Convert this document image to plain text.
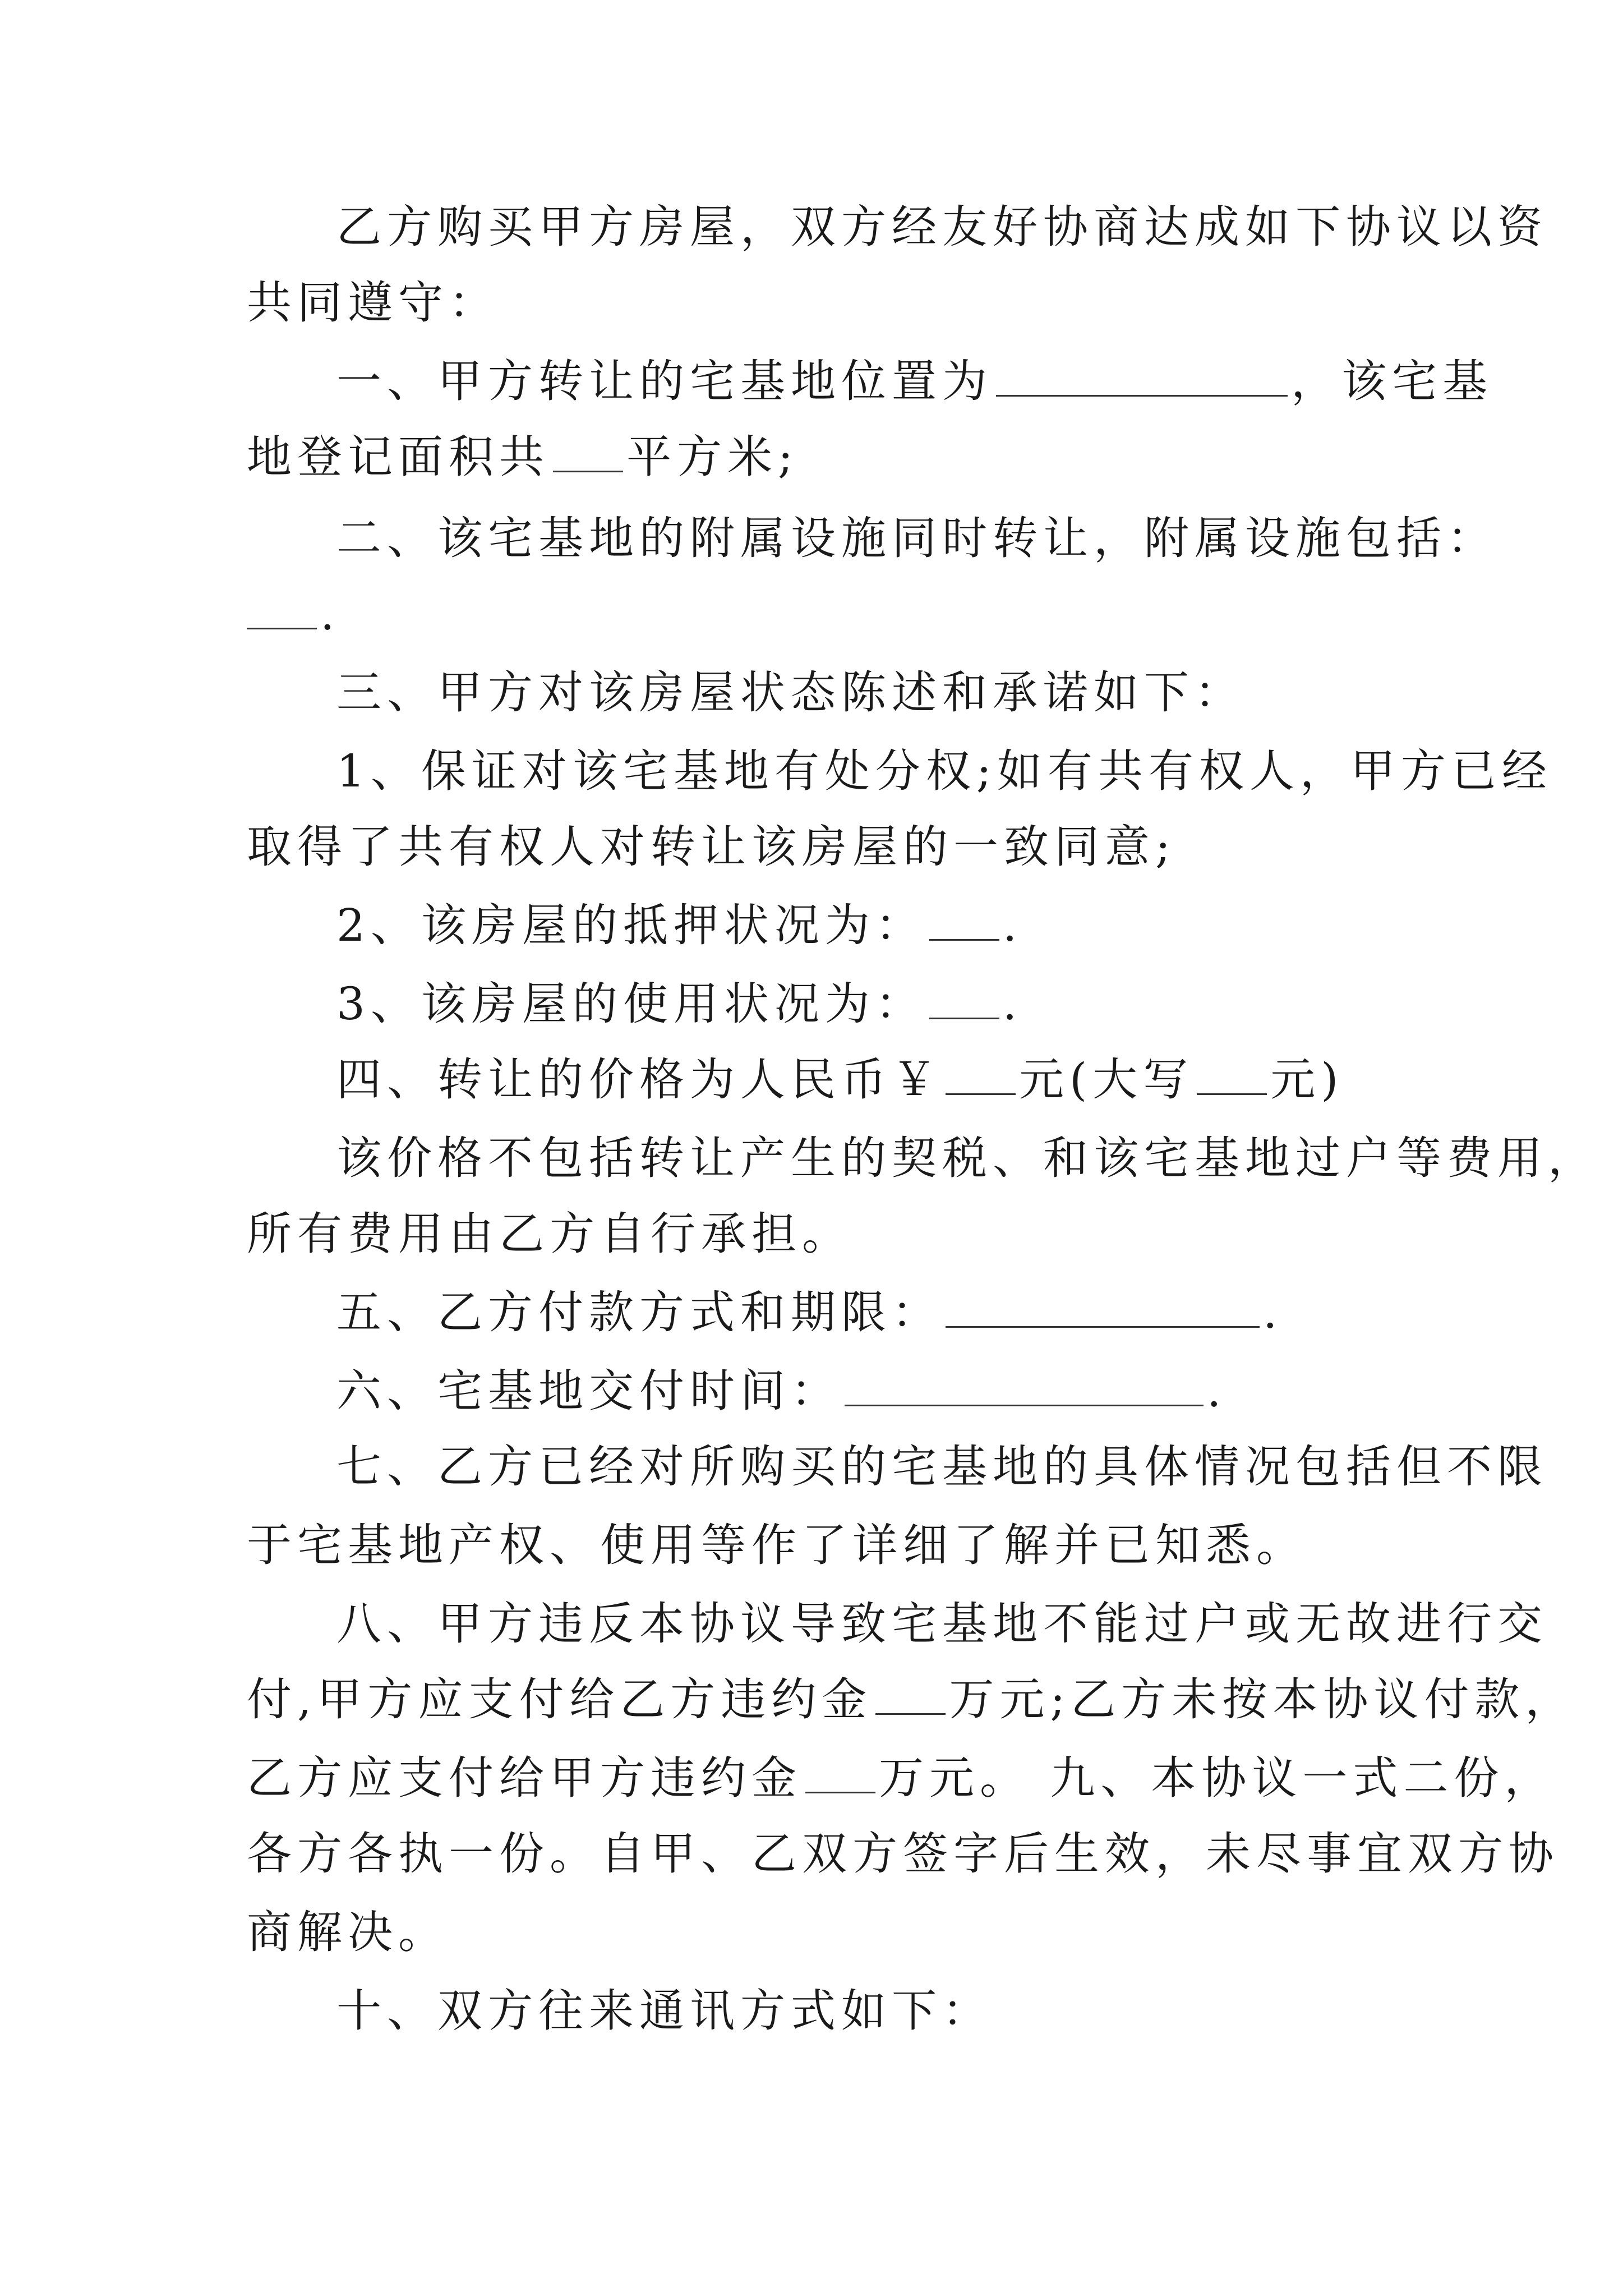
乙方购买甲方房屋，双方经友好协商达成如下协议以资
共同遵守：
一、甲方转让的宅基地位置为	，该宅基
地登记面积共 平方米;
二、该宅基地的附属设施同时转让，附属设施包括：
.
三、甲方对该房屋状态陈述和承诺如下：
1、保证对该宅基地有处分权;如有共有权人，甲方已经
取得了共有权人对转让该房屋的一致同意;
2、该房屋的抵押状况为： .
3、该房屋的使用状况为： .
四、转让的价格为人民币￥ 元(大写 元)
该价格不包括转让产生的契税、和该宅基地过户等费用，
所有费用由乙方自行承担。
五、乙方付款方式和期限：	.
六、宅基地交付时间：	.
七、乙方已经对所购买的宅基地的具体情况包括但不限
于宅基地产权、使用等作了详细了解并已知悉。
八、甲方违反本协议导致宅基地不能过户或无故进行交
付,甲方应支付给乙方违约金 万元;乙方未按本协议付款，
乙方应支付给甲方违约金 万元。 九、本协议一式二份，
各方各执一份。自甲、乙双方签字后生效，未尽事宜双方协
商解决。
十、双方往来通讯方式如下：
